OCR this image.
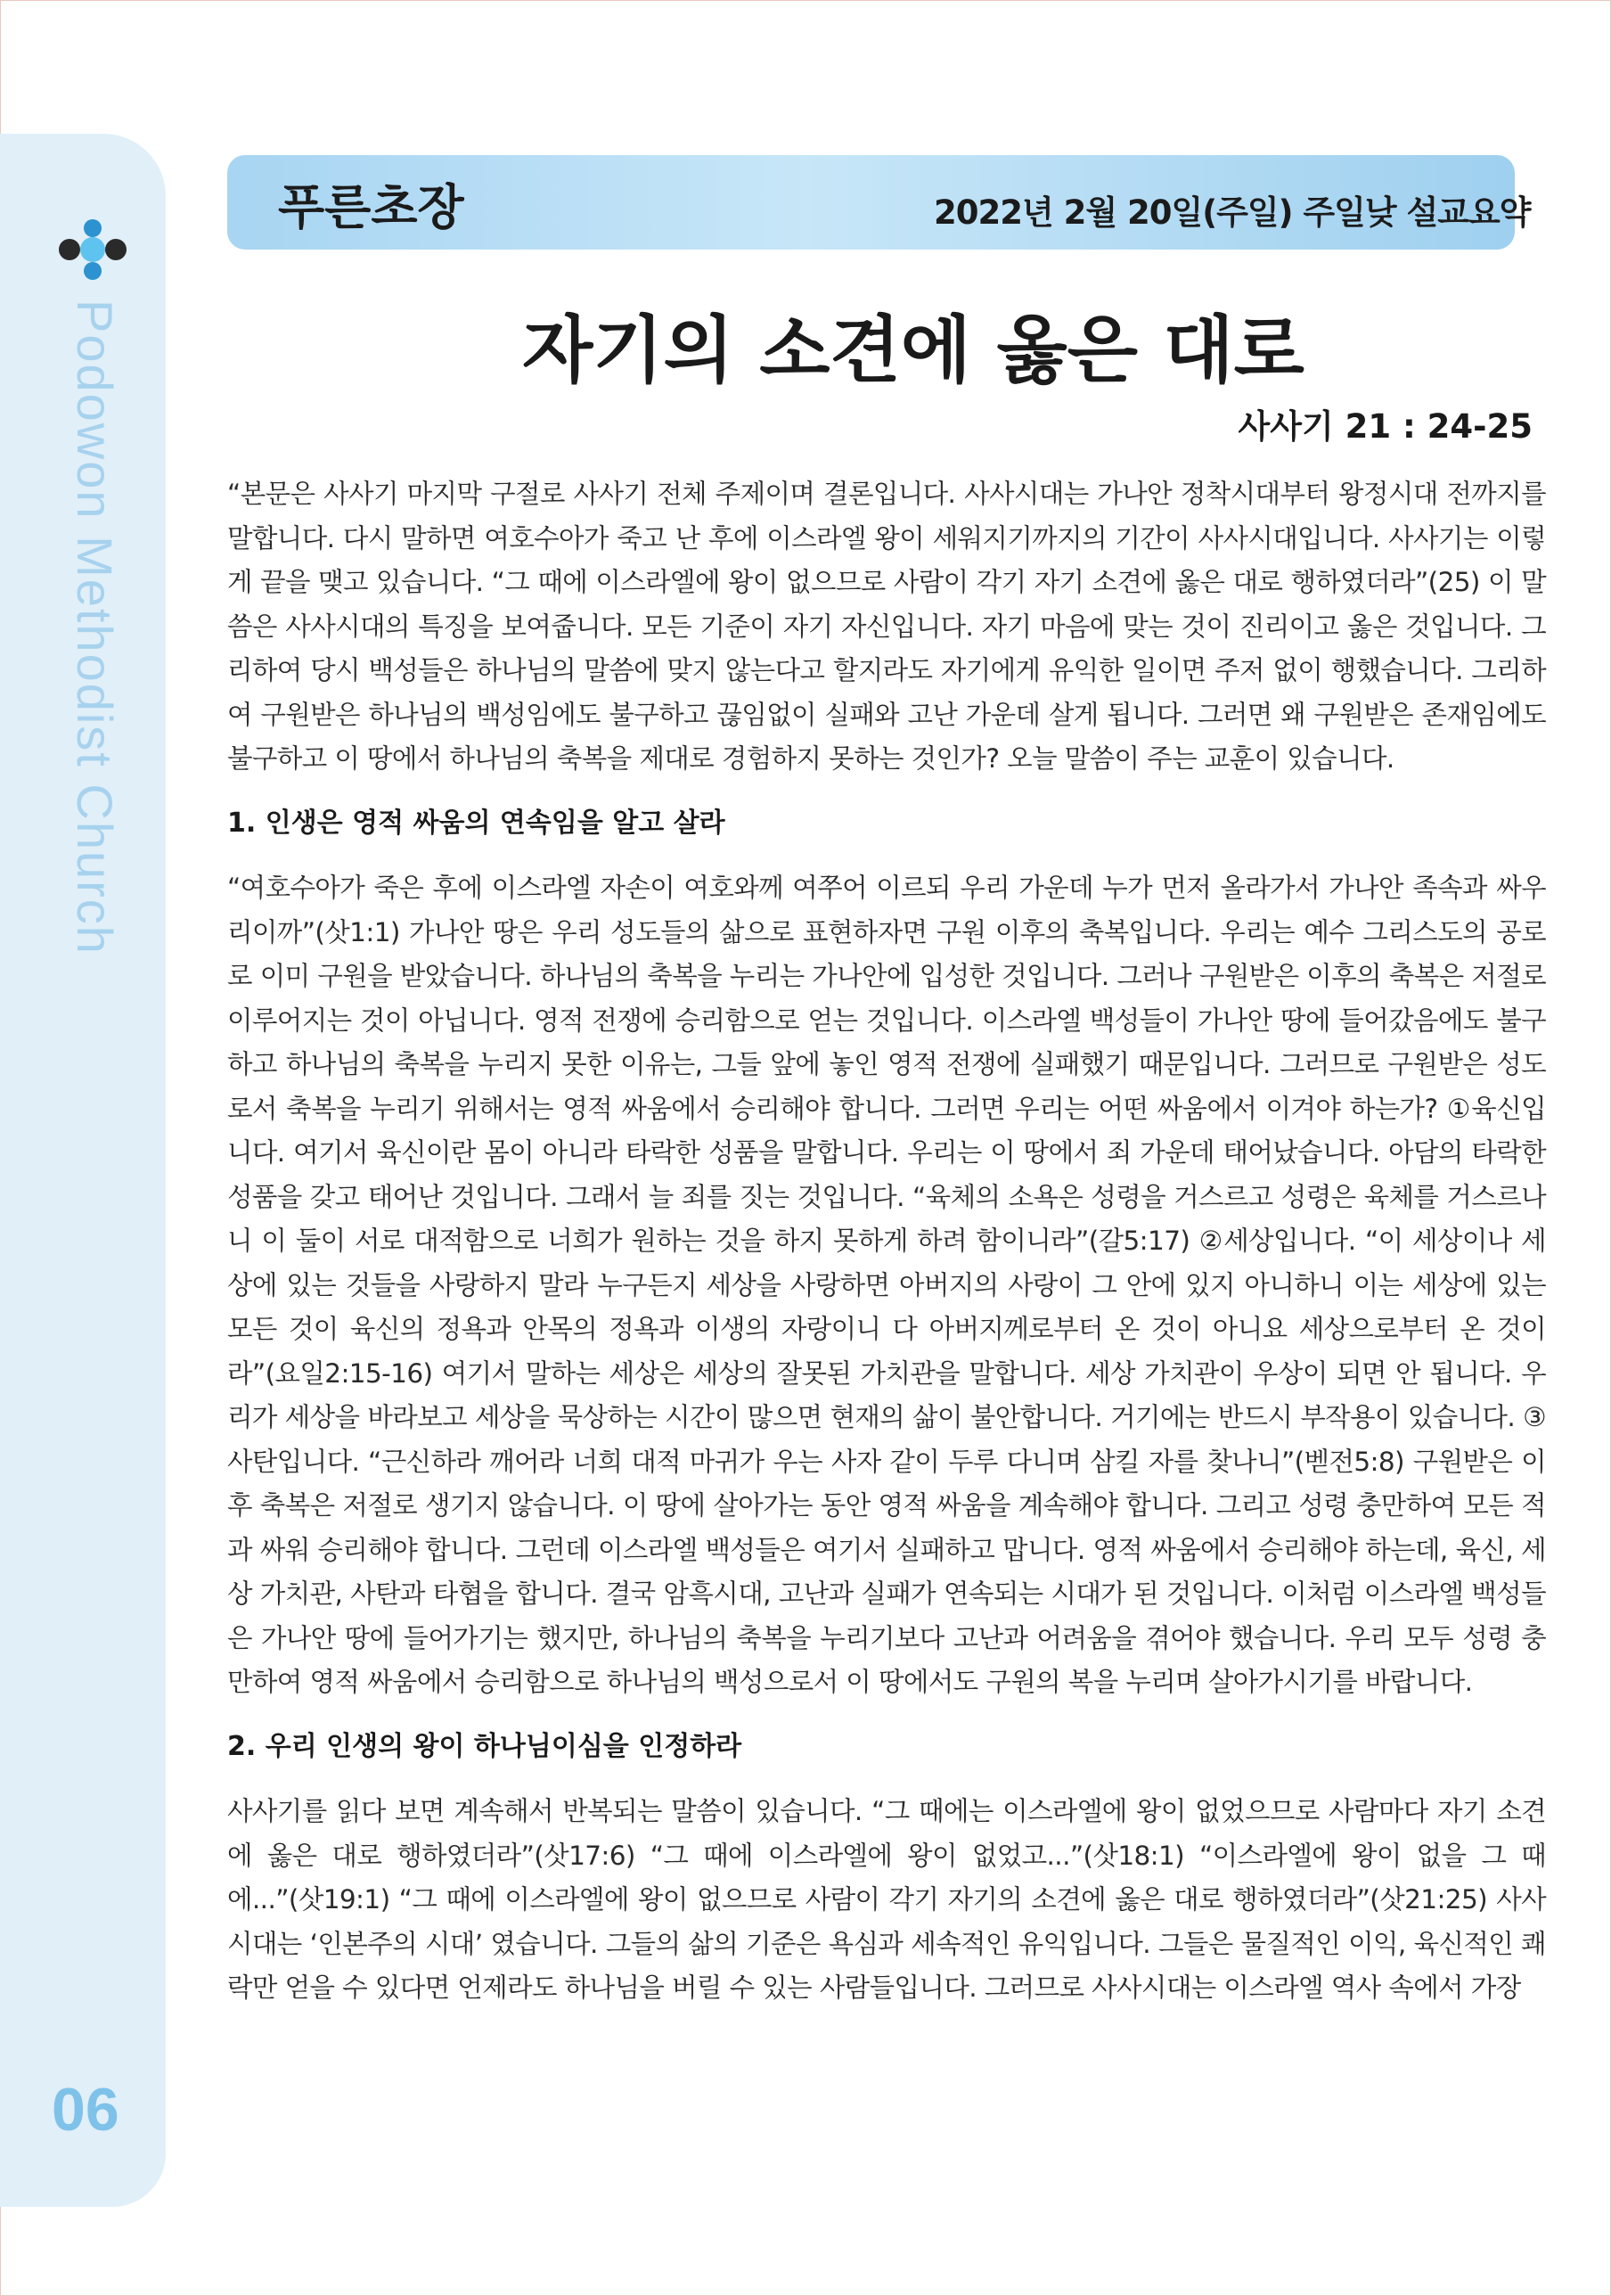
Podowon Methodist Church
06
푸른초장	2022년 2월 20일(주일) 주일낮 설교요약
자기의 소견에 옳은 대로
사사기 21 : 24-25

“본문은 사사기 마지막 구절로 사사기 전체 주제이며 결론입니다. 사사시대는 가나안 정착시대부터 왕정시대 전까지를 말합니다. 다시 말하면 여호수아가 죽고 난 후에 이스라엘 왕이 세워지기까지의 기간이 사사시대입니다. 사사기는 이렇게 끝을 맺고 있습니다. “그 때에 이스라엘에 왕이 없으므로 사람이 각기 자기 소견에 옳은 대로 행하였더라”(25) 이 말씀은 사사시대의 특징을 보여줍니다. 모든 기준이 자기 자신입니다. 자기 마음에 맞는 것이 진리이고 옳은 것입니다. 그리하여 당시 백성들은 하나님의 말씀에 맞지 않는다고 할지라도 자기에게 유익한 일이면 주저 없이 행했습니다. 그리하여 구원받은 하나님의 백성임에도 불구하고 끊임없이 실패와 고난 가운데 살게 됩니다. 그러면 왜 구원받은 존재임에도 불구하고 이 땅에서 하나님의 축복을 제대로 경험하지 못하는 것인가? 오늘 말씀이 주는 교훈이 있습니다.

1. 인생은 영적 싸움의 연속임을 알고 살라

“여호수아가 죽은 후에 이스라엘 자손이 여호와께 여쭈어 이르되 우리 가운데 누가 먼저 올라가서 가나안 족속과 싸우리이까”(삿1:1) 가나안 땅은 우리 성도들의 삶으로 표현하자면 구원 이후의 축복입니다. 우리는 예수 그리스도의 공로로 이미 구원을 받았습니다. 하나님의 축복을 누리는 가나안에 입성한 것입니다. 그러나 구원받은 이후의 축복은 저절로 이루어지는 것이 아닙니다. 영적 전쟁에 승리함으로 얻는 것입니다. 이스라엘 백성들이 가나안 땅에 들어갔음에도 불구하고 하나님의 축복을 누리지 못한 이유는, 그들 앞에 놓인 영적 전쟁에 실패했기 때문입니다. 그러므로 구원받은 성도로서 축복을 누리기 위해서는 영적 싸움에서 승리해야 합니다. 그러면 우리는 어떤 싸움에서 이겨야 하는가? ①육신입니다. 여기서 육신이란 몸이 아니라 타락한 성품을 말합니다. 우리는 이 땅에서 죄 가운데 태어났습니다. 아담의 타락한 성품을 갖고 태어난 것입니다. 그래서 늘 죄를 짓는 것입니다. “육체의 소욕은 성령을 거스르고 성령은 육체를 거스르나니 이 둘이 서로 대적함으로 너희가 원하는 것을 하지 못하게 하려 함이니라”(갈5:17) ②세상입니다. “이 세상이나 세상에 있는 것들을 사랑하지 말라 누구든지 세상을 사랑하면 아버지의 사랑이 그 안에 있지 아니하니 이는 세상에 있는 모든 것이 육신의 정욕과 안목의 정욕과 이생의 자랑이니 다 아버지께로부터 온 것이 아니요 세상으로부터 온 것이라”(요일2:15-16) 여기서 말하는 세상은 세상의 잘못된 가치관을 말합니다. 세상 가치관이 우상이 되면 안 됩니다. 우리가 세상을 바라보고 세상을 묵상하는 시간이 많으면 현재의 삶이 불안합니다. 거기에는 반드시 부작용이 있습니다. ③사탄입니다. “근신하라 깨어라 너희 대적 마귀가 우는 사자 같이 두루 다니며 삼킬 자를 찾나니”(벧전5:8) 구원받은 이후 축복은 저절로 생기지 않습니다. 이 땅에 살아가는 동안 영적 싸움을 계속해야 합니다. 그리고 성령 충만하여 모든 적과 싸워 승리해야 합니다. 그런데 이스라엘 백성들은 여기서 실패하고 맙니다. 영적 싸움에서 승리해야 하는데, 육신, 세상 가치관, 사탄과 타협을 합니다. 결국 암흑시대, 고난과 실패가 연속되는 시대가 된 것입니다. 이처럼 이스라엘 백성들은 가나안 땅에 들어가기는 했지만, 하나님의 축복을 누리기보다 고난과 어려움을 겪어야 했습니다. 우리 모두 성령 충만하여 영적 싸움에서 승리함으로 하나님의 백성으로서 이 땅에서도 구원의 복을 누리며 살아가시기를 바랍니다.

2. 우리 인생의 왕이 하나님이심을 인정하라

사사기를 읽다 보면 계속해서 반복되는 말씀이 있습니다. “그 때에는 이스라엘에 왕이 없었으므로 사람마다 자기 소견에 옳은 대로 행하였더라”(삿17:6) “그 때에 이스라엘에 왕이 없었고...”(삿18:1) “이스라엘에 왕이 없을 그 때에...”(삿19:1) “그 때에 이스라엘에 왕이 없으므로 사람이 각기 자기의 소견에 옳은 대로 행하였더라”(삿21:25) 사사시대는 ‘인본주의 시대’ 였습니다. 그들의 삶의 기준은 욕심과 세속적인 유익입니다. 그들은 물질적인 이익, 육신적인 쾌락만 얻을 수 있다면 언제라도 하나님을 버릴 수 있는 사람들입니다. 그러므로 사사시대는 이스라엘 역사 속에서 가장
